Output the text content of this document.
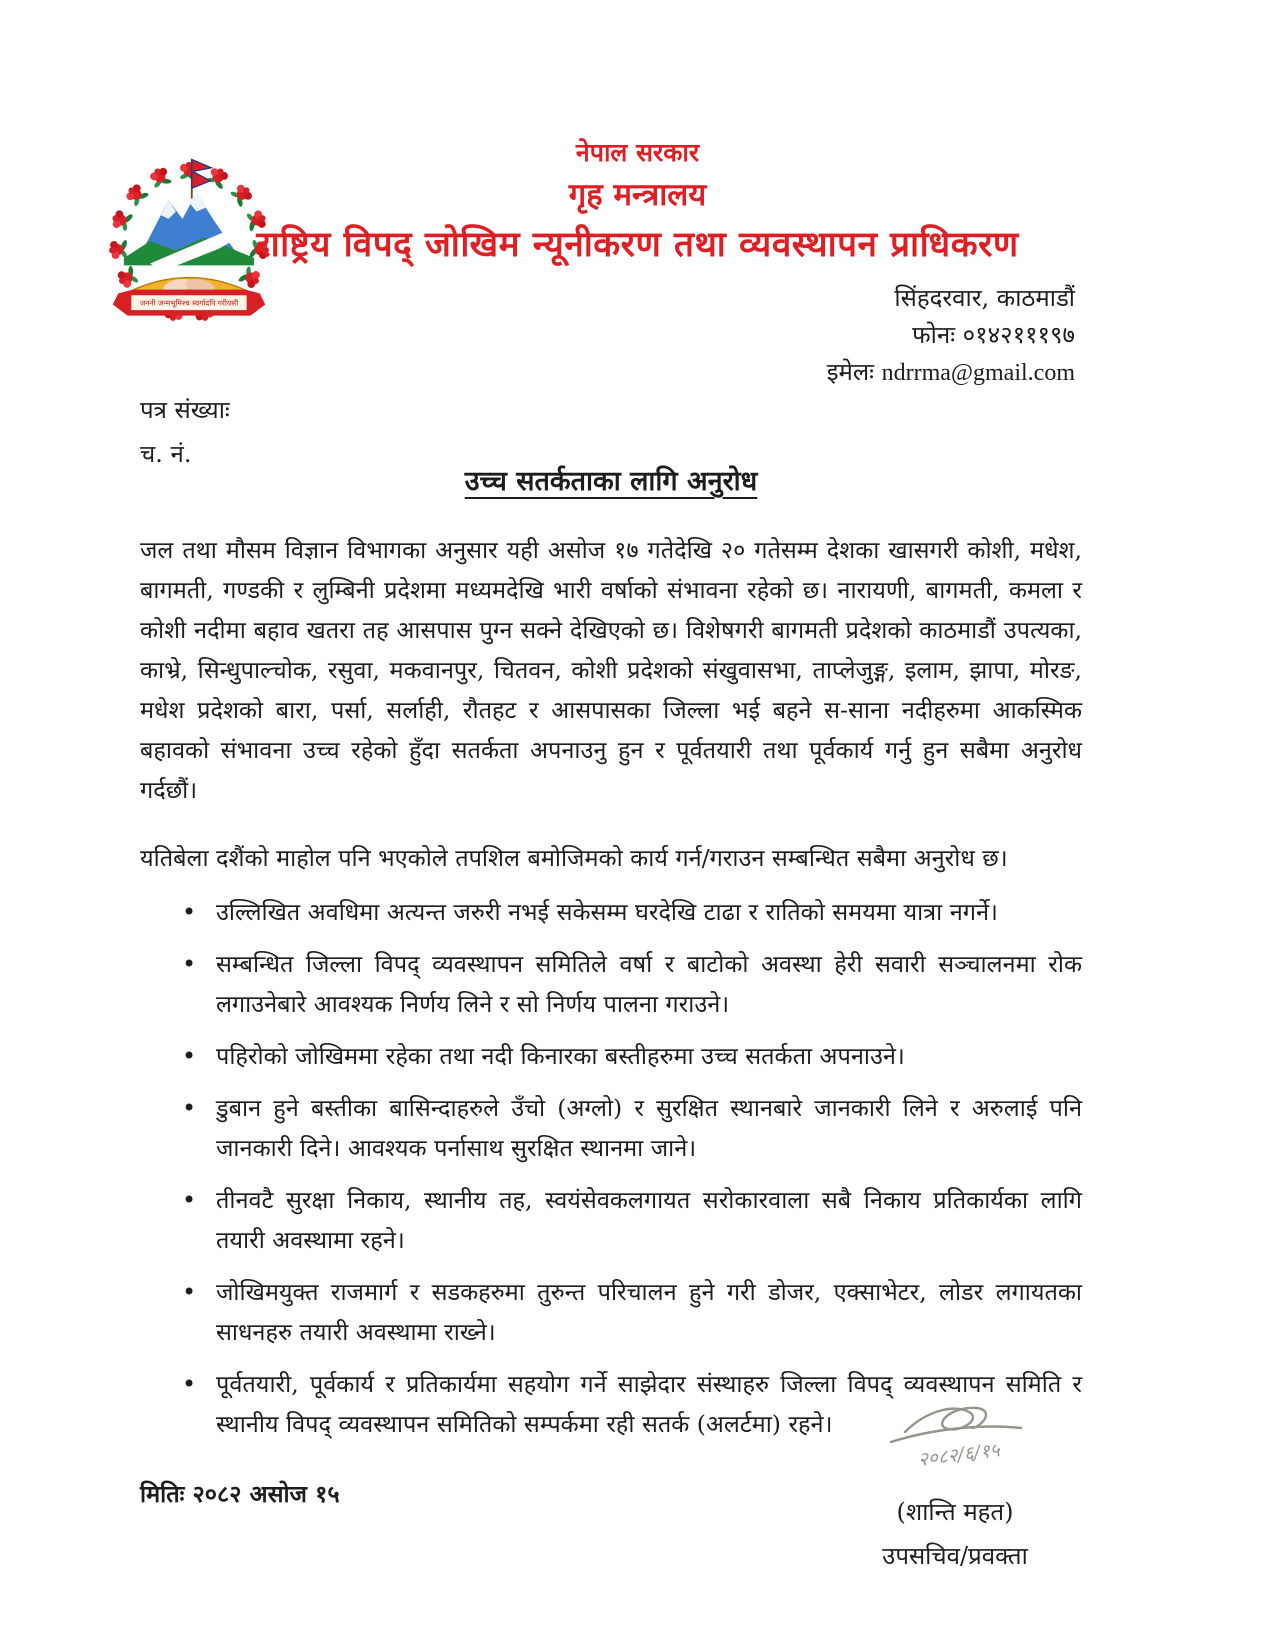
जननी जन्मभूमिश्च स्वर्गादपि गरीयसी
नेपाल सरकार
गृह मन्त्रालय
राष्ट्रिय विपद् जोखिम न्यूनीकरण तथा व्यवस्थापन प्राधिकरण
सिंहदरवार, काठमाडौं
फोनः ०१४२१११९७
इमेलः ndrrma@gmail.com
पत्र संख्याः
च. नं.
उच्च सतर्कताका लागि अनुरोध

जल तथा मौसम विज्ञान विभागका अनुसार यही असोज १७ गतेदेखि २० गतेसम्म देशका खासगरी कोशी, मधेश, बागमती, गण्डकी र लुम्बिनी प्रदेशमा मध्यमदेखि भारी वर्षाको संभावना रहेको छ। नारायणी, बागमती, कमला र कोशी नदीमा बहाव खतरा तह आसपास पुग्न सक्ने देखिएको छ। विशेषगरी बागमती प्रदेशको काठमाडौं उपत्यका, काभ्रे, सिन्धुपाल्चोक, रसुवा, मकवानपुर, चितवन, कोशी प्रदेशको संखुवासभा, ताप्लेजुङ्ग, इलाम, झापा, मोरङ, मधेश प्रदेशको बारा, पर्सा, सर्लाही, रौतहट र आसपासका जिल्ला भई बहने स-साना नदीहरुमा आकस्मिक बहावको संभावना उच्च रहेको हुँदा सतर्कता अपनाउनु हुन र पूर्वतयारी तथा पूर्वकार्य गर्नु हुन सबैमा अनुरोध गर्दछौं।

यतिबेला दशैंको माहोल पनि भएकोले तपशिल बमोजिमको कार्य गर्न/गराउन सम्बन्धित सबैमा अनुरोध छ।

• उल्लिखित अवधिमा अत्यन्त जरुरी नभई सकेसम्म घरदेखि टाढा र रातिको समयमा यात्रा नगर्ने।
• सम्बन्धित जिल्ला विपद् व्यवस्थापन समितिले वर्षा र बाटोको अवस्था हेरी सवारी सञ्चालनमा रोक लगाउनेबारे आवश्यक निर्णय लिने र सो निर्णय पालना गराउने।
• पहिरोको जोखिममा रहेका तथा नदी किनारका बस्तीहरुमा उच्च सतर्कता अपनाउने।
• डुबान हुने बस्तीका बासिन्दाहरुले उँचो (अग्लो) र सुरक्षित स्थानबारे जानकारी लिने र अरुलाई पनि जानकारी दिने। आवश्यक पर्नासाथ सुरक्षित स्थानमा जाने।
• तीनवटै सुरक्षा निकाय, स्थानीय तह, स्वयंसेवकलगायत सरोकारवाला सबै निकाय प्रतिकार्यका लागि तयारी अवस्थामा रहने।
• जोखिमयुक्त राजमार्ग र सडकहरुमा तुरुन्त परिचालन हुने गरी डोजर, एक्साभेटर, लोडर लगायतका साधनहरु तयारी अवस्थामा राख्ने।
• पूर्वतयारी, पूर्वकार्य र प्रतिकार्यमा सहयोग गर्ने साझेदार संस्थाहरु जिल्ला विपद् व्यवस्थापन समिति र स्थानीय विपद् व्यवस्थापन समितिको सम्पर्कमा रही सतर्क (अलर्टमा) रहने।
मितिः २०८२ असोज १५
२०८२/६/१५
(शान्ति महत)
उपसचिव/प्रवक्ता
